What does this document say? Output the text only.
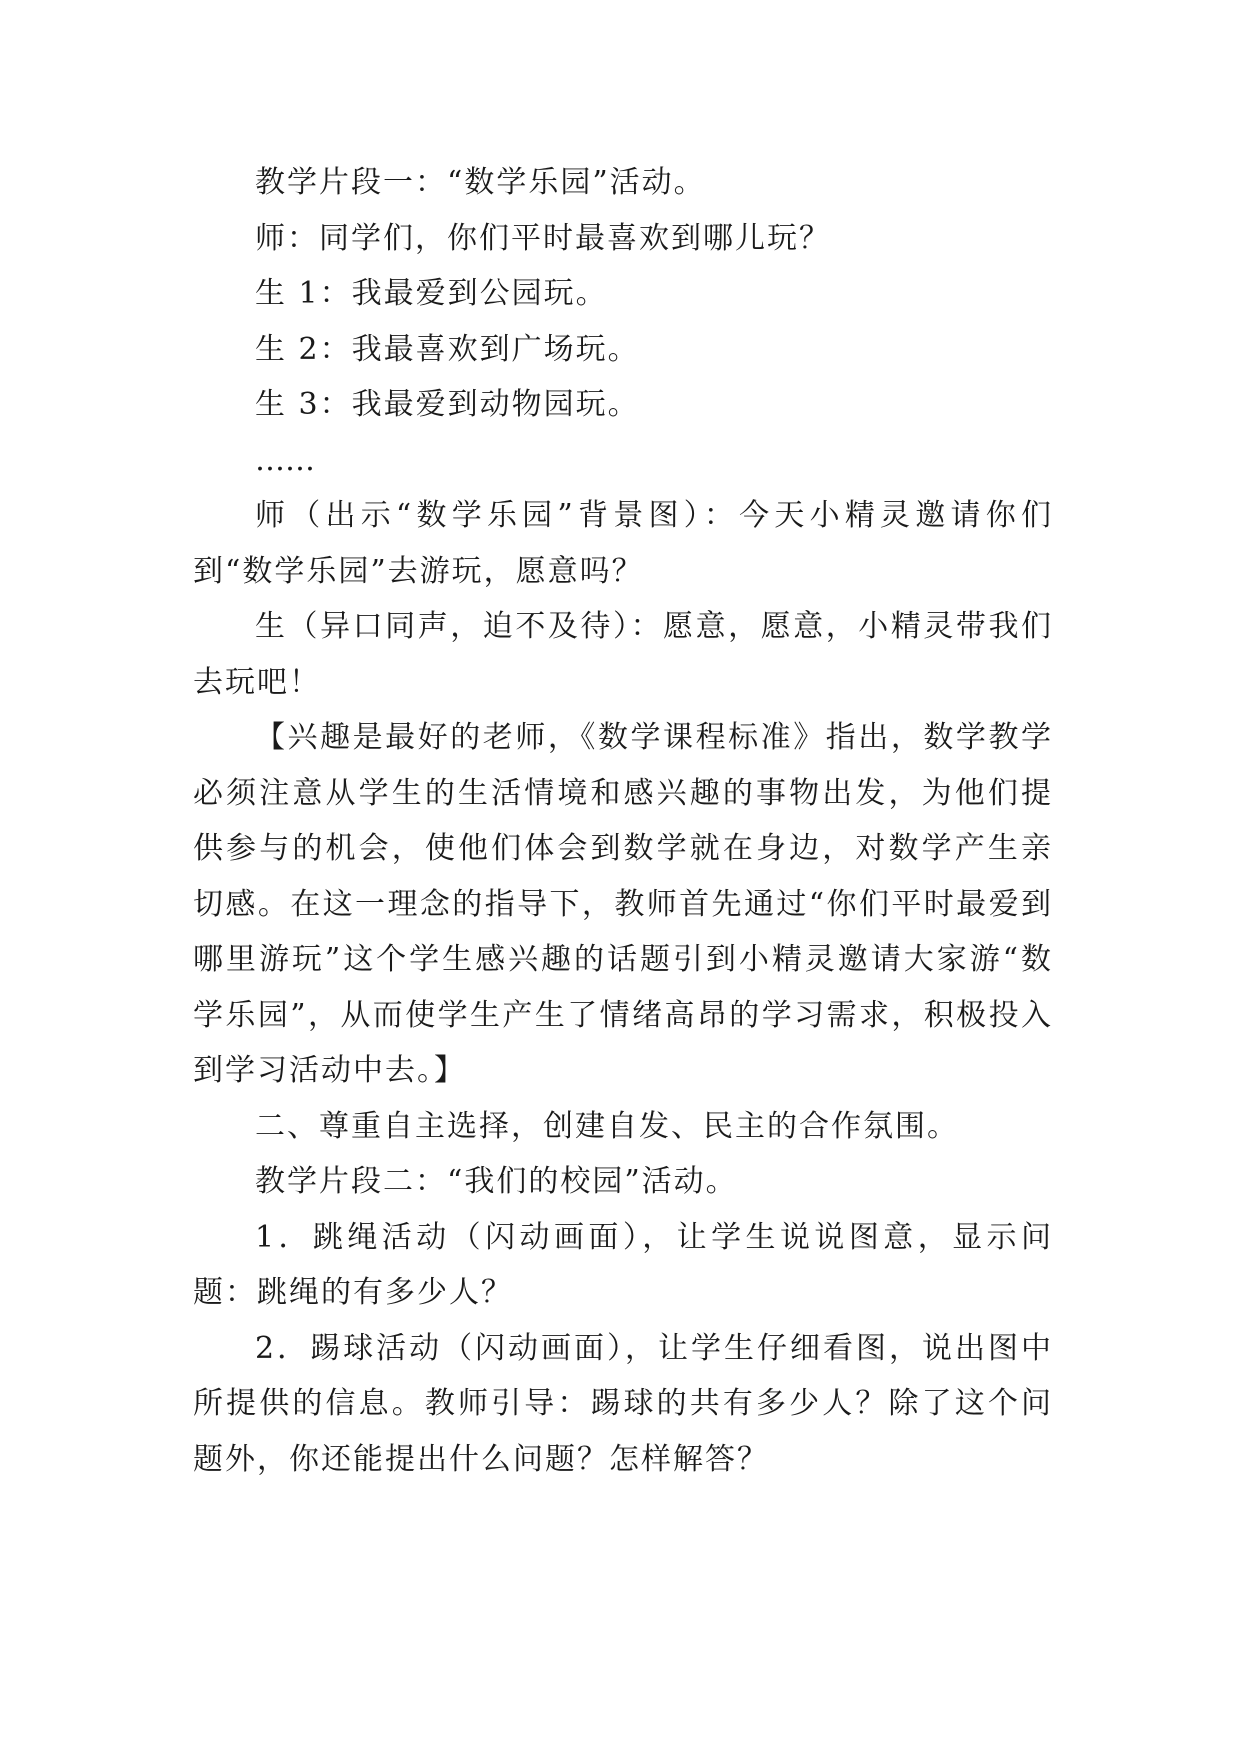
教学片段一：“数学乐园”活动。

师：同学们，你们平时最喜欢到哪儿玩？

生 1：我最爱到公园玩。

生 2：我最喜欢到广场玩。

生 3：我最爱到动物园玩。

……

师（出示“数学乐园”背景图）：今天小精灵邀请你们到“数学乐园”去游玩，愿意吗？

生（异口同声，迫不及待）：愿意，愿意，小精灵带我们去玩吧！

【兴趣是最好的老师，《数学课程标准》指出，数学教学必须注意从学生的生活情境和感兴趣的事物出发，为他们提供参与的机会，使他们体会到数学就在身边，对数学产生亲切感。在这一理念的指导下，教师首先通过“你们平时最爱到哪里游玩”这个学生感兴趣的话题引到小精灵邀请大家游“数学乐园”，从而使学生产生了情绪高昂的学习需求，积极投入到学习活动中去。】

二、尊重自主选择，创建自发、民主的合作氛围。

教学片段二：“我们的校园”活动。

1．跳绳活动（闪动画面），让学生说说图意，显示问题：跳绳的有多少人？

2．踢球活动（闪动画面），让学生仔细看图，说出图中所提供的信息。教师引导：踢球的共有多少人？除了这个问题外，你还能提出什么问题？怎样解答？
